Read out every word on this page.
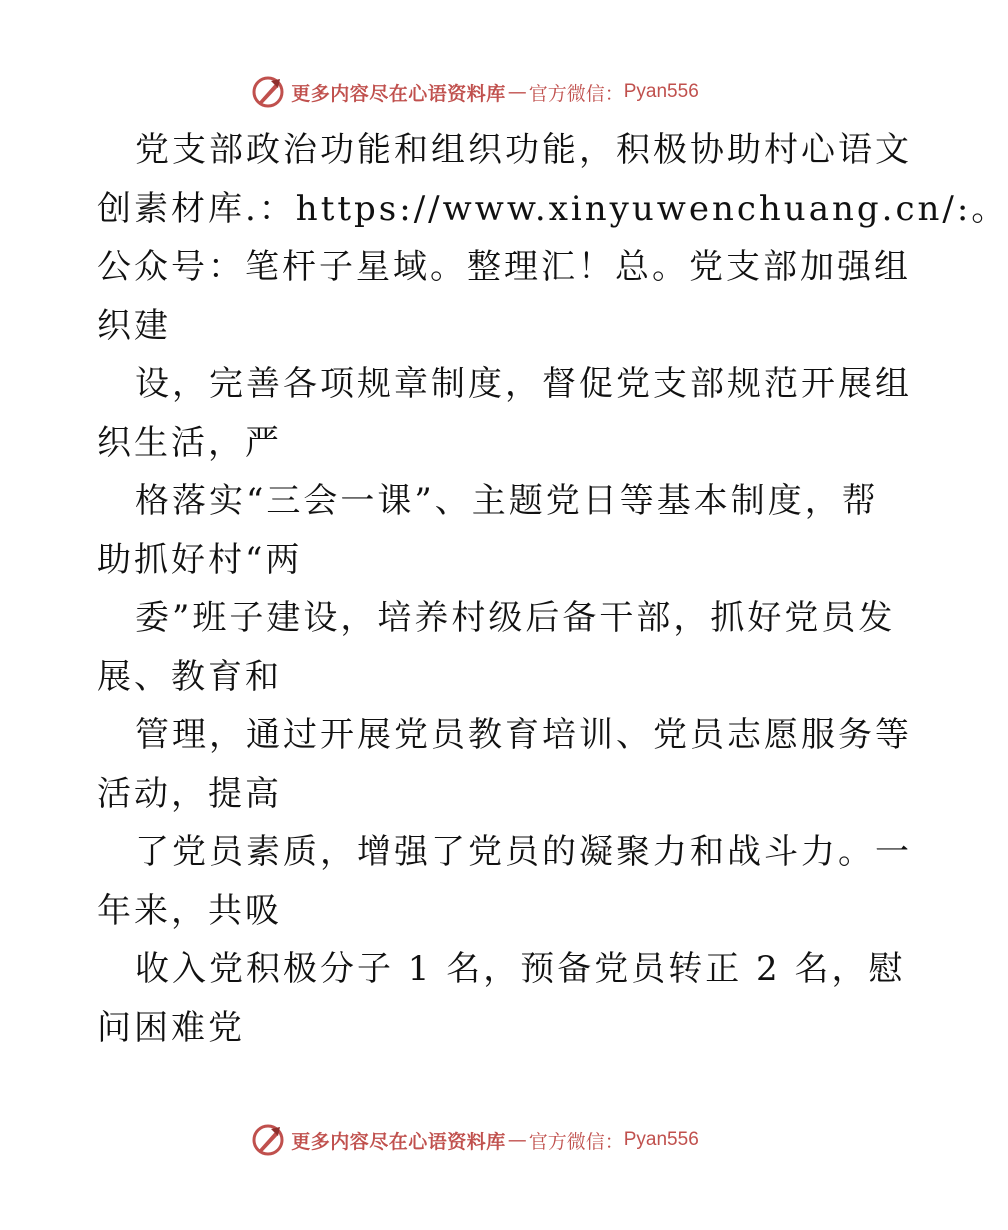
更多内容尽在心语资料库 — 官方微信： Pyan556
党支部政治功能和组织功能，积极协助村心语文
创素材库.：https://www.xinyuwenchuang.cn/:。
公众号：笔杆子星域。整理汇！总。党支部加强组
织建
设，完善各项规章制度，督促党支部规范开展组
织生活，严
格落实“三会一课”、主题党日等基本制度，帮
助抓好村“两
委”班子建设，培养村级后备干部，抓好党员发
展、教育和
管理，通过开展党员教育培训、党员志愿服务等
活动，提高
了党员素质，增强了党员的凝聚力和战斗力。一
年来，共吸
收入党积极分子 1 名，预备党员转正 2 名，慰
问困难党
更多内容尽在心语资料库 — 官方微信： Pyan556
